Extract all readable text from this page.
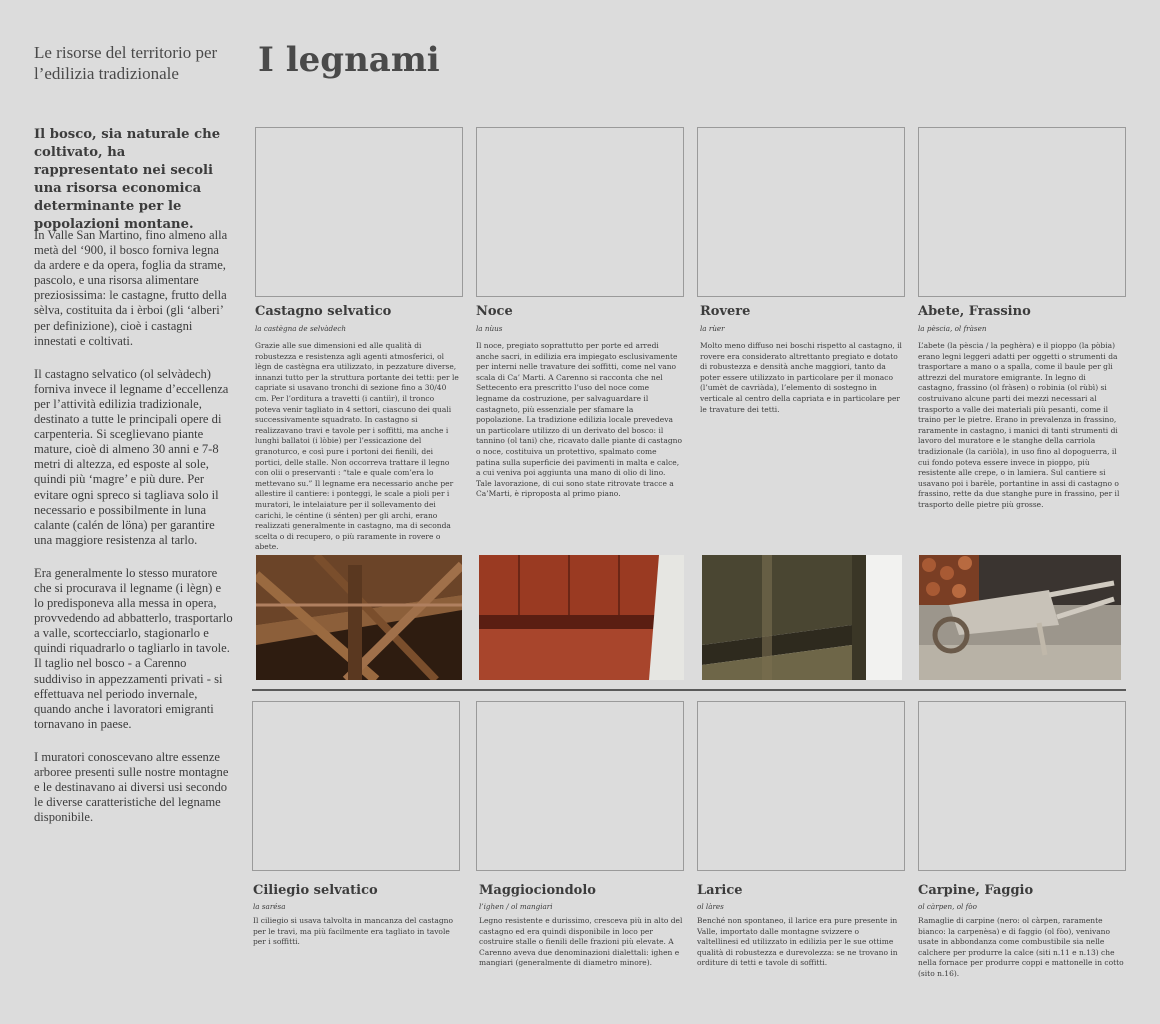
Le risorse del territorio per l’edilizia tradizionale	I legnami

Il bosco, sia naturale che coltivato, ha rappresentato nei secoli una risorsa economica determinante per le popolazioni montane.

In Valle San Martino, fino almeno alla metà del ‘900, il bosco forniva legna da ardere e da opera, foglia da strame, pascolo, e una risorsa alimentare preziosissima: le castagne, frutto della sèlva, costituita da i èrboi (gli ‘alberi’ per definizione), cioè i castagni innestati e coltivati.

Il castagno selvatico (ol selvàdech) forniva invece il legname d’eccellenza per l’attività edilizia tradizionale, destinato a tutte le principali opere di carpenteria. Si sceglievano piante mature, cioè di almeno 30 anni e 7-8 metri di altezza, ed esposte al sole, quindi più ‘magre’ e più dure. Per evitare ogni spreco si tagliava solo il necessario e possibilmente in luna calante (calén de löna) per garantire una maggiore resistenza al tarlo.

Era generalmente lo stesso muratore che si procurava il legname (i lègn) e lo predisponeva alla messa in opera, provvedendo ad abbatterlo, trasportarlo a valle, scortecciarlo, stagionarlo e quindi riquadrarlo o tagliarlo in tavole. Il taglio nel bosco - a Carenno suddiviso in appezzamenti privati - si effettuava nel periodo invernale, quando anche i lavoratori emigranti tornavano in paese.

I muratori conoscevano altre essenze arboree presenti sulle nostre montagne e le destinavano ai diversi usi secondo le diverse caratteristiche del legname disponibile.

Castagno selvatico

la castègna de selvàdech

Grazie alle sue dimensioni ed alle qualità di robustezza e resistenza agli agenti atmosferici, ol lègn de castègna era utilizzato, in pezzature diverse, innanzi tutto per la struttura portante dei tetti: per le capriate si usavano tronchi di sezione fino a 30/40 cm. Per l’orditura a travetti (i cantiìr), il tronco poteva venir tagliato in 4 settori, ciascuno dei quali successivamente squadrato. In castagno si realizzavano travi e tavole per i soffitti, ma anche i lunghi ballatoi (i lòbie) per l’essicazione del granoturco, e così pure i portoni dei fienili, dei portici, delle stalle. Non occorreva trattare il legno con olii o preservanti : “tale e quale com’era lo mettevano su.” Il legname era necessario anche per allestire il cantiere: i ponteggi, le scale a pioli per i muratori, le intelaiature per il sollevamento dei carichi, le céntine (i sénten) per gli archi, erano realizzati generalmente in castagno, ma di seconda scelta o di recupero, o più raramente in rovere o abete.

Noce

la nùus

Il noce, pregiato soprattutto per porte ed arredi anche sacri, in edilizia era impiegato esclusivamente per interni nelle travature dei soffitti, come nel vano scala di Ca’ Marti. A Carenno si racconta che nel Settecento era prescritto l’uso del noce come legname da costruzione, per salvaguardare il castagneto, più essenziale per sfamare la popolazione. La tradizione edilizia locale prevedeva un particolare utilizzo di un derivato del bosco: il tannino (ol tani) che, ricavato dalle piante di castagno o noce, costituiva un protettivo, spalmato come patina sulla superficie dei pavimenti in malta e calce, a cui veniva poi aggiunta una mano di olio di lino. Tale lavorazione, di cui sono state ritrovate tracce a Ca’Marti, è riproposta al primo piano.

Rovere

la rùer

Molto meno diffuso nei boschi rispetto al castagno, il rovere era considerato altrettanto pregiato e dotato di robustezza e densità anche maggiori, tanto da poter essere utilizzato in particolare per il monaco (l’umèt de cavriàda), l’elemento di sostegno in verticale al centro della capriata e in particolare per le travature dei tetti.

Abete, Frassino

la pèscia, ol fràsen

L’abete (la pèscia / la peghèra) e il pioppo (la pòbia) erano legni leggeri adatti per oggetti o strumenti da trasportare a mano o a spalla, come il baule per gli attrezzi del muratore emigrante. In legno di castagno, frassino (ol fràsen) o robinia (ol rùbì) si costruivano alcune parti dei mezzi necessari al trasporto a valle dei materiali più pesanti, come il traino per le pietre. Erano in prevalenza in frassino, raramente in castagno, i manici di tanti strumenti di lavoro del muratore e le stanghe della carriola tradizionale (la cariòla), in uso fino al dopoguerra, il cui fondo poteva essere invece in pioppo, più resistente alle crepe, o in lamiera. Sul cantiere si usavano poi i barèle, portantine in assi di castagno o frassino, rette da due stanghe pure in frassino, per il trasporto delle pietre più grosse.

Ciliegio selvatico

la sarésa

Il ciliegio si usava talvolta in mancanza del castagno per le travi, ma più facilmente era tagliato in tavole per i soffitti.

Maggiociondolo

l’ighen / ol mangiari

Legno resistente e durissimo, cresceva più in alto del castagno ed era quindi disponibile in loco per costruire stalle o fienili delle frazioni più elevate. A Carenno aveva due denominazioni dialettali: ighen e mangiari (generalmente di diametro minore).

Larice

ol làres

Benché non spontaneo, il larice era pure presente in Valle, importato dalle montagne svizzere o valtellinesi ed utilizzato in edilizia per le sue ottime qualità di robustezza e durevolezza: se ne trovano in orditure di tetti e tavole di soffitti.

Carpine, Faggio

ol càrpen, ol fòo

Ramaglie di carpine (nero: ol càrpen, raramente bianco: la carpenèsa) e di faggio (ol fòo), venivano usate in abbondanza come combustibile sia nelle calchere per produrre la calce (siti n.11 e n.13) che nella fornace per produrre coppi e mattonelle in cotto (sito n.16).
